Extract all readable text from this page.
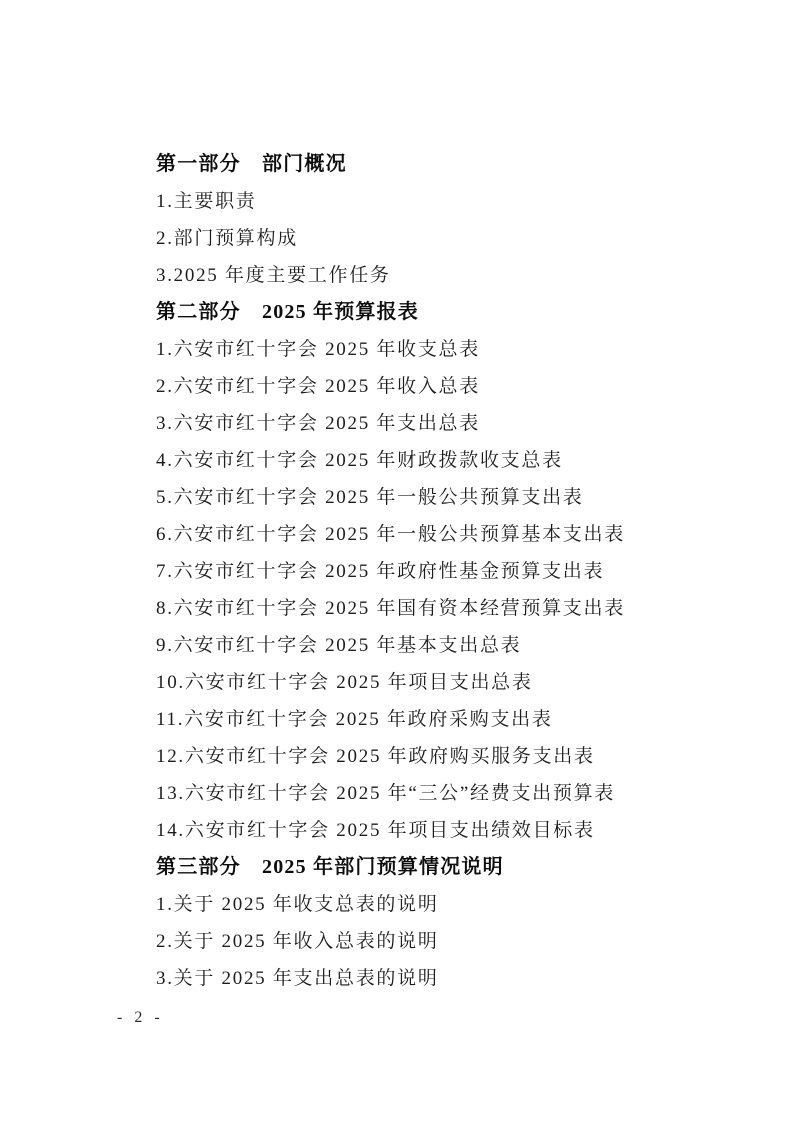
第一部分　部门概况
1.主要职责
2.部门预算构成
3.2025 年度主要工作任务
第二部分　2025 年预算报表
1.六安市红十字会 2025 年收支总表
2.六安市红十字会 2025 年收入总表
3.六安市红十字会 2025 年支出总表
4.六安市红十字会 2025 年财政拨款收支总表
5.六安市红十字会 2025 年一般公共预算支出表
6.六安市红十字会 2025 年一般公共预算基本支出表
7.六安市红十字会 2025 年政府性基金预算支出表
8.六安市红十字会 2025 年国有资本经营预算支出表
9.六安市红十字会 2025 年基本支出总表
10.六安市红十字会 2025 年项目支出总表
11.六安市红十字会 2025 年政府采购支出表
12.六安市红十字会 2025 年政府购买服务支出表
13.六安市红十字会 2025 年“三公”经费支出预算表
14.六安市红十字会 2025 年项目支出绩效目标表
第三部分　2025 年部门预算情况说明
1.关于 2025 年收支总表的说明
2.关于 2025 年收入总表的说明
3.关于 2025 年支出总表的说明
- 2 -
